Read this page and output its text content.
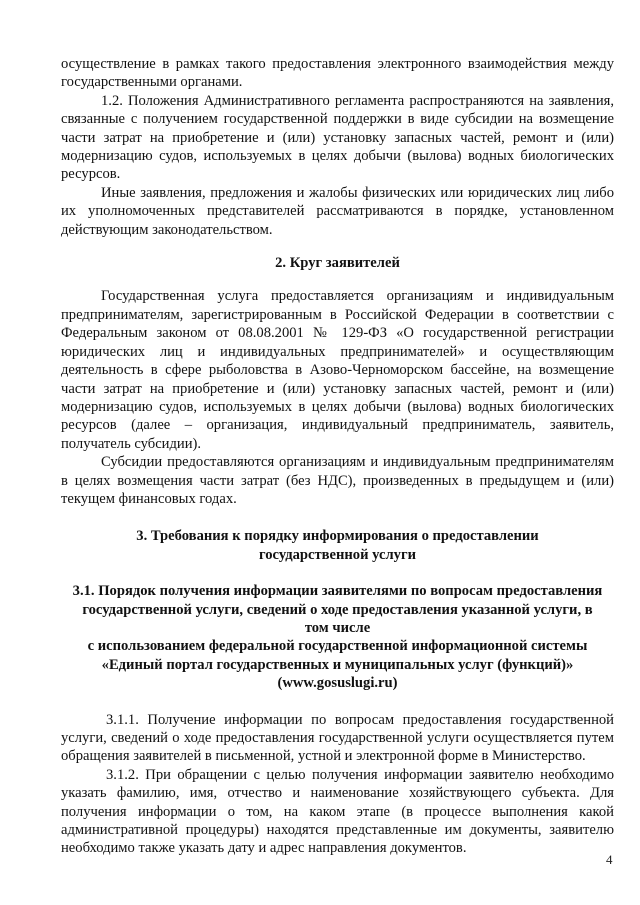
осуществление в рамках такого предоставления электронного взаимодействия между государственными органами.

1.2. Положения Административного регламента распространяются на заявления, связанные с получением государственной поддержки в виде субсидии на возмещение части затрат на приобретение и (или) установку запасных частей, ремонт и (или) модернизацию судов, используемых в целях добычи (вылова) водных биологических ресурсов.

Иные заявления, предложения и жалобы физических или юридических лиц либо их уполномоченных представителей рассматриваются в порядке, установленном действующим законодательством.

2. Круг заявителей

Государственная услуга предоставляется организациям и индивидуальным предпринимателям, зарегистрированным в Российской Федерации в соответствии с Федеральным законом от 08.08.2001 № 129-ФЗ «О государственной регистрации юридических лиц и индивидуальных предпринимателей» и осуществляющим деятельность в сфере рыболовства в Азово-Черноморском бассейне, на возмещение части затрат на приобретение и (или) установку запасных частей, ремонт и (или) модернизацию судов, используемых в целях добычи (вылова) водных биологических ресурсов (далее – организация, индивидуальный предприниматель, заявитель, получатель субсидии).

Субсидии предоставляются организациям и индивидуальным предпринимателям в целях возмещения части затрат (без НДС), произведенных в предыдущем и (или) текущем финансовых годах.

3. Требования к порядку информирования о предоставлении

государственной услуги

3.1. Порядок получения информации заявителями по вопросам предоставления

государственной услуги, сведений о ходе предоставления указанной услуги, в

том числе

с использованием федеральной государственной информационной системы

«Единый портал государственных и муниципальных услуг (функций)»

(www.gosuslugi.ru)

3.1.1. Получение информации по вопросам предоставления государственной услуги, сведений о ходе предоставления государственной услуги осуществляется путем обращения заявителей в письменной, устной и электронной форме в Министерство.

3.1.2. При обращении с целью получения информации заявителю необходимо указать фамилию, имя, отчество и наименование хозяйствующего субъекта. Для получения информации о том, на каком этапе (в процессе выполнения какой административной процедуры) находятся представленные им документы, заявителю необходимо также указать дату и адрес направления документов.

4
